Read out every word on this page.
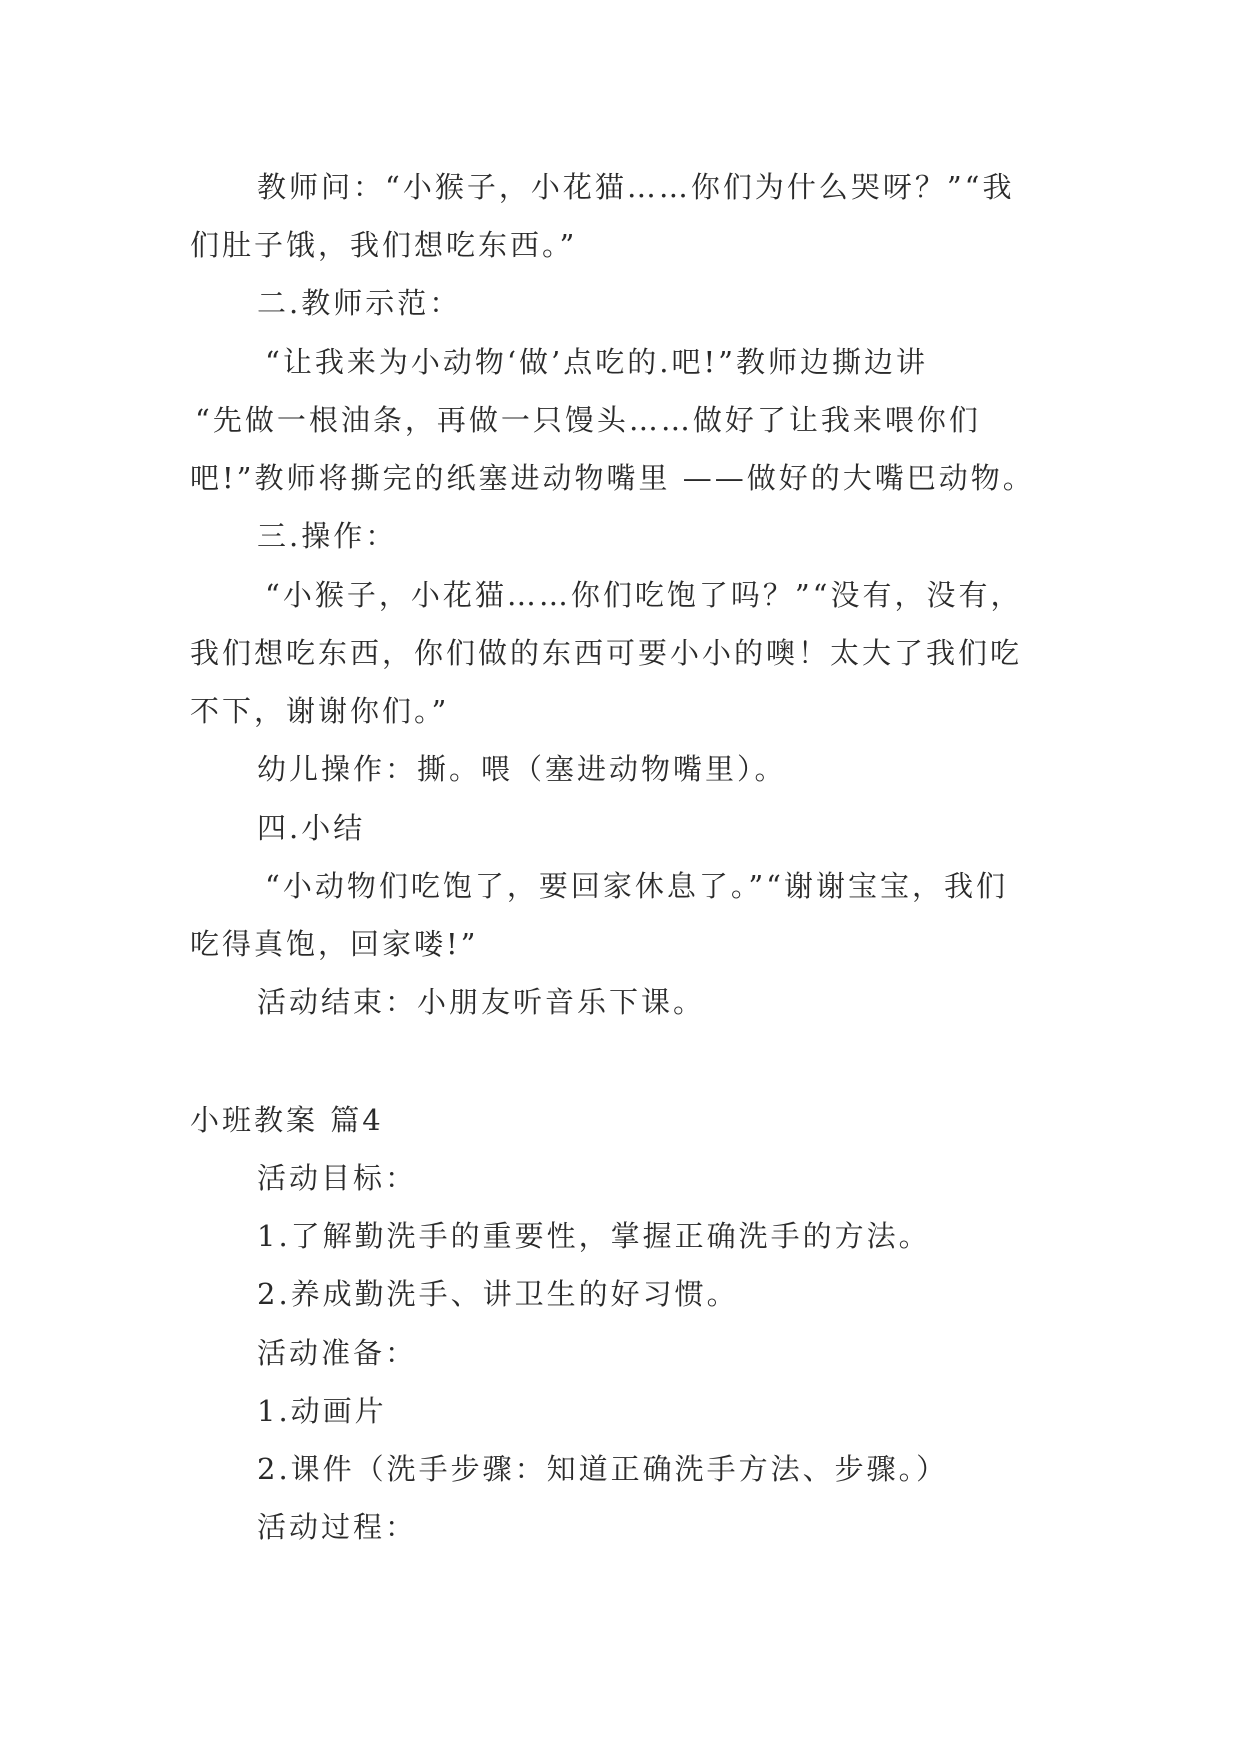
教师问：“小猴子，小花猫……你们为什么哭呀？”“我
们肚子饿，我们想吃东西。”
二.教师示范：
“让我来为小动物‘做’点吃的.吧!”教师边撕边讲
“先做一根油条，再做一只馒头……做好了让我来喂你们
吧!”教师将撕完的纸塞进动物嘴里 ——做好的大嘴巴动物。
三.操作：
“小猴子，小花猫……你们吃饱了吗？”“没有，没有，
我们想吃东西，你们做的东西可要小小的噢！太大了我们吃
不下，谢谢你们。”
幼儿操作：撕。喂（塞进动物嘴里）。
四.小结
“小动物们吃饱了，要回家休息了。”“谢谢宝宝，我们
吃得真饱，回家喽!”
活动结束：小朋友听音乐下课。
小班教案 篇4
活动目标：
1.了解勤洗手的重要性，掌握正确洗手的方法。
2.养成勤洗手、讲卫生的好习惯。
活动准备：
1.动画片
2.课件（洗手步骤：知道正确洗手方法、步骤。）
活动过程：
